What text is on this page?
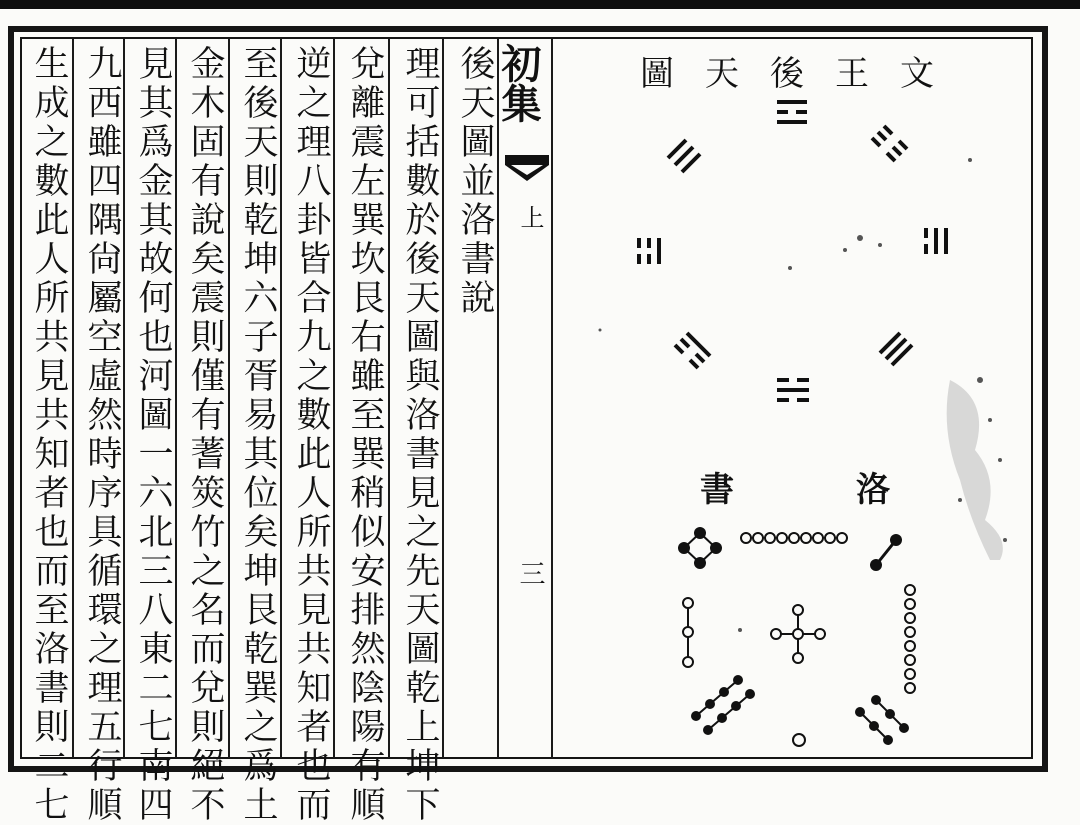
後天圖並洛書說
理可括數於後天圖與洛書見之先天圖乾上坤下
兌離震左巽坎艮右雖至巽稍似安排然陰陽有順
逆之理八卦皆合九之數此人所共見共知者也而
至後天則乾坤六子胥易其位矣坤艮乾巽之爲土
金木固有說矣震則僅有蓍筴竹之名而兌則絕不
見其爲金其故何也河圖一六北三八東二七南四
九西雖四隅尙屬空虛然時序具循環之理五行順
生成之數此人所共見共知者也而至洛書則二七	初集
上
三
文
王
後
天
圖
洛
書
